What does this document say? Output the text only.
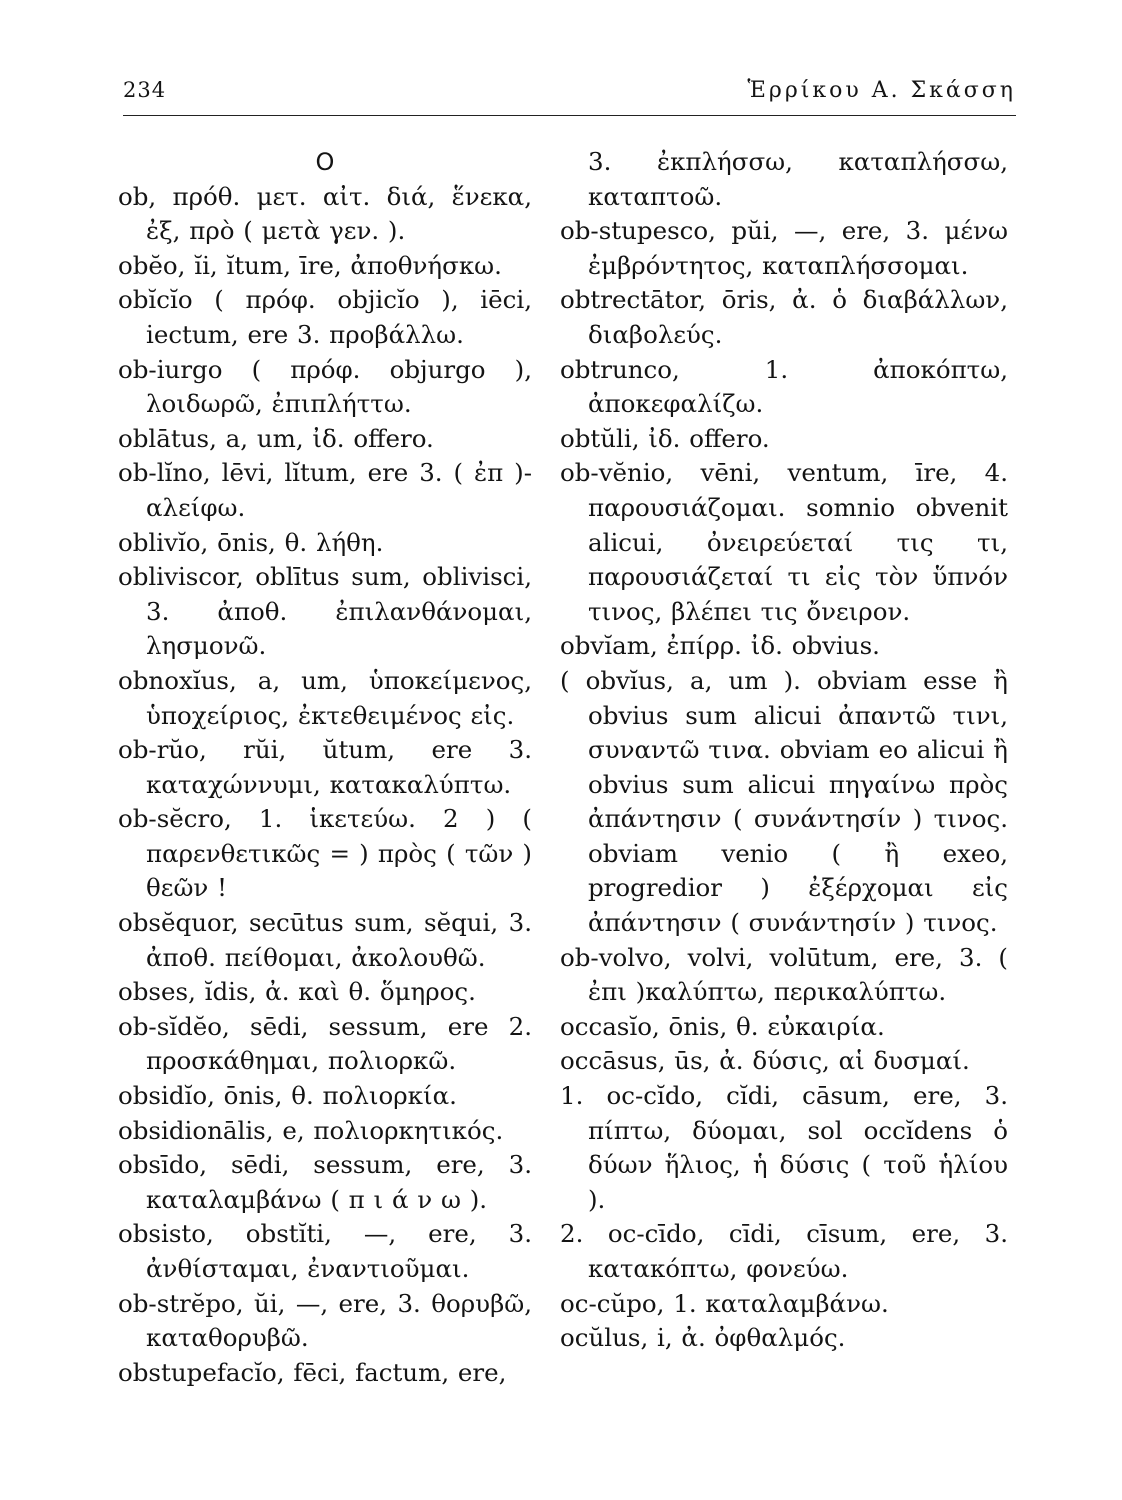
234	Ἑρρίκου Α. Σκάσση
O
ob, πρόθ. μετ. αἰτ. διά, ἕνεκα, ἐξ, πρὸ ( μετὰ γεν. ).
obĕo, ĭi, ĭtum, īre, ἀποθνήσκω.
obĭcĭo ( πρόφ. objicĭo ), iēci, iectum, ere 3. προβάλλω.
ob-iurgo ( πρόφ. objurgo ), λοιδωρῶ, ἐπιπλήττω.
oblātus, a, um, ἰδ. offero.
ob-lĭno, lēvi, lĭtum, ere 3. ( ἐπ )-αλείφω.
oblivĭo, ōnis, θ. λήθη.
obliviscor, oblītus sum, oblivisci, 3. ἀποθ. ἐπιλανθάνομαι, λησμονῶ.
obnoxĭus, a, um, ὑποκείμενος, ὑποχείριος, ἐκτεθειμένος εἰς.
ob-rŭo, rŭi, ŭtum, ere 3. καταχώννυμι, κατακαλύπτω.
ob-sĕcro, 1. ἱκετεύω. 2 ) ( παρενθετικῶς = ) πρὸς ( τῶν ) θεῶν !
obsĕquor, secūtus sum, sĕqui, 3. ἀποθ. πείθομαι, ἀκολουθῶ.
obses, ĭdis, ἀ. καὶ θ. ὅμηρος.
ob-sĭdĕo, sēdi, sessum, ere 2. προσκάθημαι, πολιορκῶ.
obsidĭo, ōnis, θ. πολιορκία.
obsidionālis, e, πολιορκητικός.
obsīdo, sēdi, sessum, ere, 3. καταλαμβάνω ( π ι ά ν ω ).
obsisto, obstĭti, —, ere, 3. ἀνθίσταμαι, ἐναντιοῦμαι.
ob-strĕpo, ŭi, —, ere, 3. θορυβῶ, καταθορυβῶ.
obstupefacĭo, fēci, factum, ere,
3. ἐκπλήσσω, καταπλήσσω, καταπτοῶ.
ob-stupesco, pŭi, —, ere, 3. μένω ἐμβρόντητος, καταπλήσσομαι.
obtrectātor, ōris, ἀ. ὁ διαβάλλων, διαβολεύς.
obtrunco, 1. ἀποκόπτω, ἀποκεφαλίζω.
obtŭli, ἰδ. offero.
ob-vĕnio, vēni, ventum, īre, 4. παρουσιάζομαι. somnio obvenit alicui, ὀνειρεύεταί τις τι, παρουσιάζεταί τι εἰς τὸν ὕπνόν τινος, βλέπει τις ὄνειρον.
obvĭam, ἐπίρρ. ἰδ. obvius.
( obvĭus, a, um ). obviam esse ἢ obvius sum alicui ἀπαντῶ τινι, συναντῶ τινα. obviam eo alicui ἢ obvius sum alicui πηγαίνω πρὸς ἀπάντησιν ( συνάντησίν ) τινος. obviam venio ( ἢ exeo, progredior ) ἐξέρχομαι εἰς ἀπάντησιν ( συνάντησίν ) τινος.
ob-volvo, volvi, volūtum, ere, 3. ( ἐπι )καλύπτω, περικαλύπτω.
occasĭo, ōnis, θ. εὐκαιρία.
occāsus, ūs, ἀ. δύσις, αἱ δυσμαί.
1. oc-cĭdo, cĭdi, cāsum, ere, 3. πίπτω, δύομαι, sol occĭdens ὁ δύων ἥλιος, ἡ δύσις ( τοῦ ἡλίου ).
2. oc-cīdo, cīdi, cīsum, ere, 3. κατακόπτω, φονεύω.
oc-cŭpo, 1. καταλαμβάνω.
ocŭlus, i, ἀ. ὀφθαλμός.
